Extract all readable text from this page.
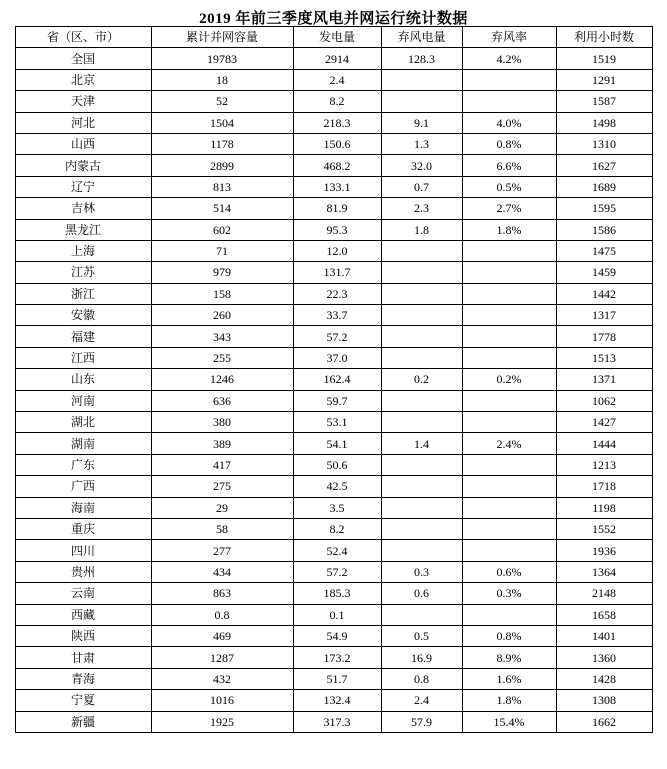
2019 年前三季度风电并网运行统计数据
省（区、市）	累计并网容量	发电量	弃风电量	弃风率	利用小时数
全国	19783	2914	128.3	4.2%	1519
北京	18	2.4			1291
天津	52	8.2			1587
河北	1504	218.3	9.1	4.0%	1498
山西	1178	150.6	1.3	0.8%	1310
内蒙古	2899	468.2	32.0	6.6%	1627
辽宁	813	133.1	0.7	0.5%	1689
吉林	514	81.9	2.3	2.7%	1595
黑龙江	602	95.3	1.8	1.8%	1586
上海	71	12.0			1475
江苏	979	131.7			1459
浙江	158	22.3			1442
安徽	260	33.7			1317
福建	343	57.2			1778
江西	255	37.0			1513
山东	1246	162.4	0.2	0.2%	1371
河南	636	59.7			1062
湖北	380	53.1			1427
湖南	389	54.1	1.4	2.4%	1444
广东	417	50.6			1213
广西	275	42.5			1718
海南	29	3.5			1198
重庆	58	8.2			1552
四川	277	52.4			1936
贵州	434	57.2	0.3	0.6%	1364
云南	863	185.3	0.6	0.3%	2148
西藏	0.8	0.1			1658
陕西	469	54.9	0.5	0.8%	1401
甘肃	1287	173.2	16.9	8.9%	1360
青海	432	51.7	0.8	1.6%	1428
宁夏	1016	132.4	2.4	1.8%	1308
新疆	1925	317.3	57.9	15.4%	1662
